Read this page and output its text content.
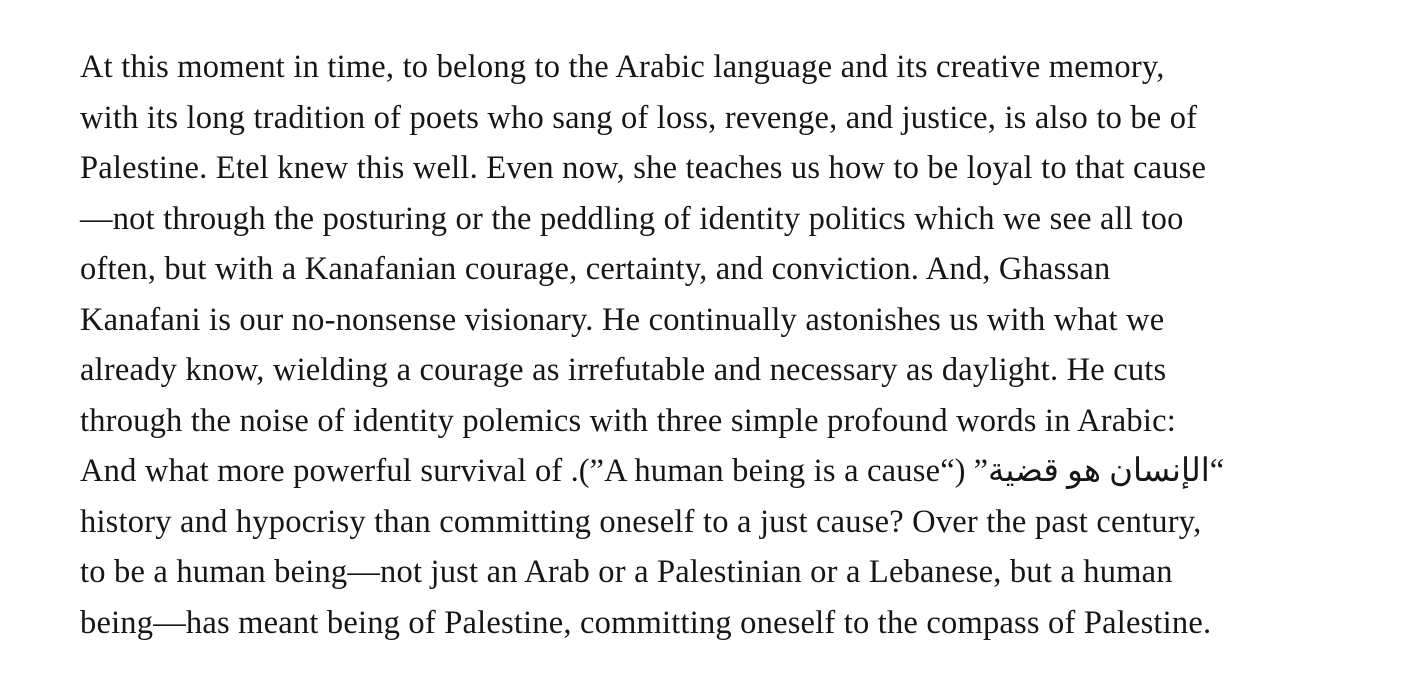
At this moment in time, to belong to the Arabic language and its creative memory,
with its long tradition of poets who sang of loss, revenge, and justice, is also to be of
Palestine. Etel knew this well. Even now, she teaches us how to be loyal to that cause
—not through the posturing or the peddling of identity politics which we see all too
often, but with a Kanafanian courage, certainty, and conviction. And, Ghassan
Kanafani is our no-nonsense visionary. He continually astonishes us with what we
already know, wielding a courage as irrefutable and necessary as daylight. He cuts
through the noise of identity polemics with three simple profound words in Arabic:
“الإنسان هو قضية” (“A human being is a cause”). And what more powerful survival of
history and hypocrisy than committing oneself to a just cause? Over the past century,
to be a human being—not just an Arab or a Palestinian or a Lebanese, but a human
being—has meant being of Palestine, committing oneself to the compass of Palestine.
